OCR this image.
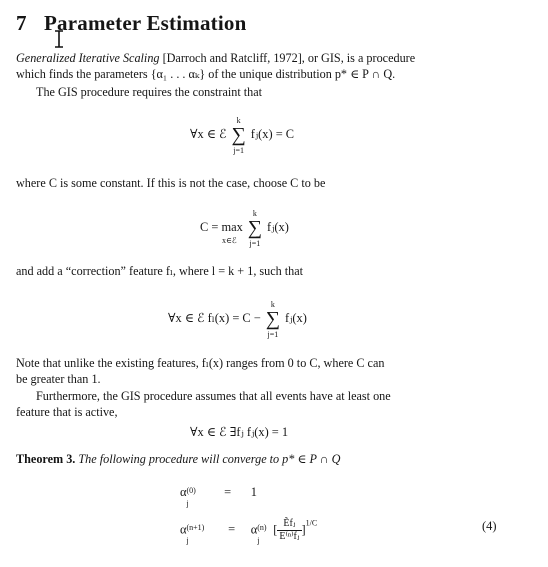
7 Parameter Estimation
Generalized Iterative Scaling [Darroch and Ratcliff, 1972], or GIS, is a procedure
which finds the parameters {α₁ . . . αₖ} of the unique distribution p* ∈ P ∩ Q.
The GIS procedure requires the constraint that
∀x ∈ ℰ
k
∑
j=1
fⱼ(x) = C
where C is some constant. If this is not the case, choose C to be
C = max
x∈ℰ

k
∑
j=1
fⱼ(x)
and add a “correction” feature fₗ, where l = k + 1, such that
∀x ∈ ℰ fₗ(x) = C −
k
∑
j=1
fⱼ(x)
Note that unlike the existing features, fₗ(x) ranges from 0 to C, where C can
be greater than 1.
Furthermore, the GIS procedure assumes that all events have at least one
feature that is active,
∀x ∈ ℰ ∃fⱼ fⱼ(x) = 1
Theorem 3. The following procedure will converge to p* ∈ P ∩ Q
α (0)
j
= 1
α (n+1)
j
= α (n)
j
[ $\frac{\text{Ẽfⱼ}}{\text{E⁽ⁿ⁾fⱼ}} ]^{1/C}$	(4)
